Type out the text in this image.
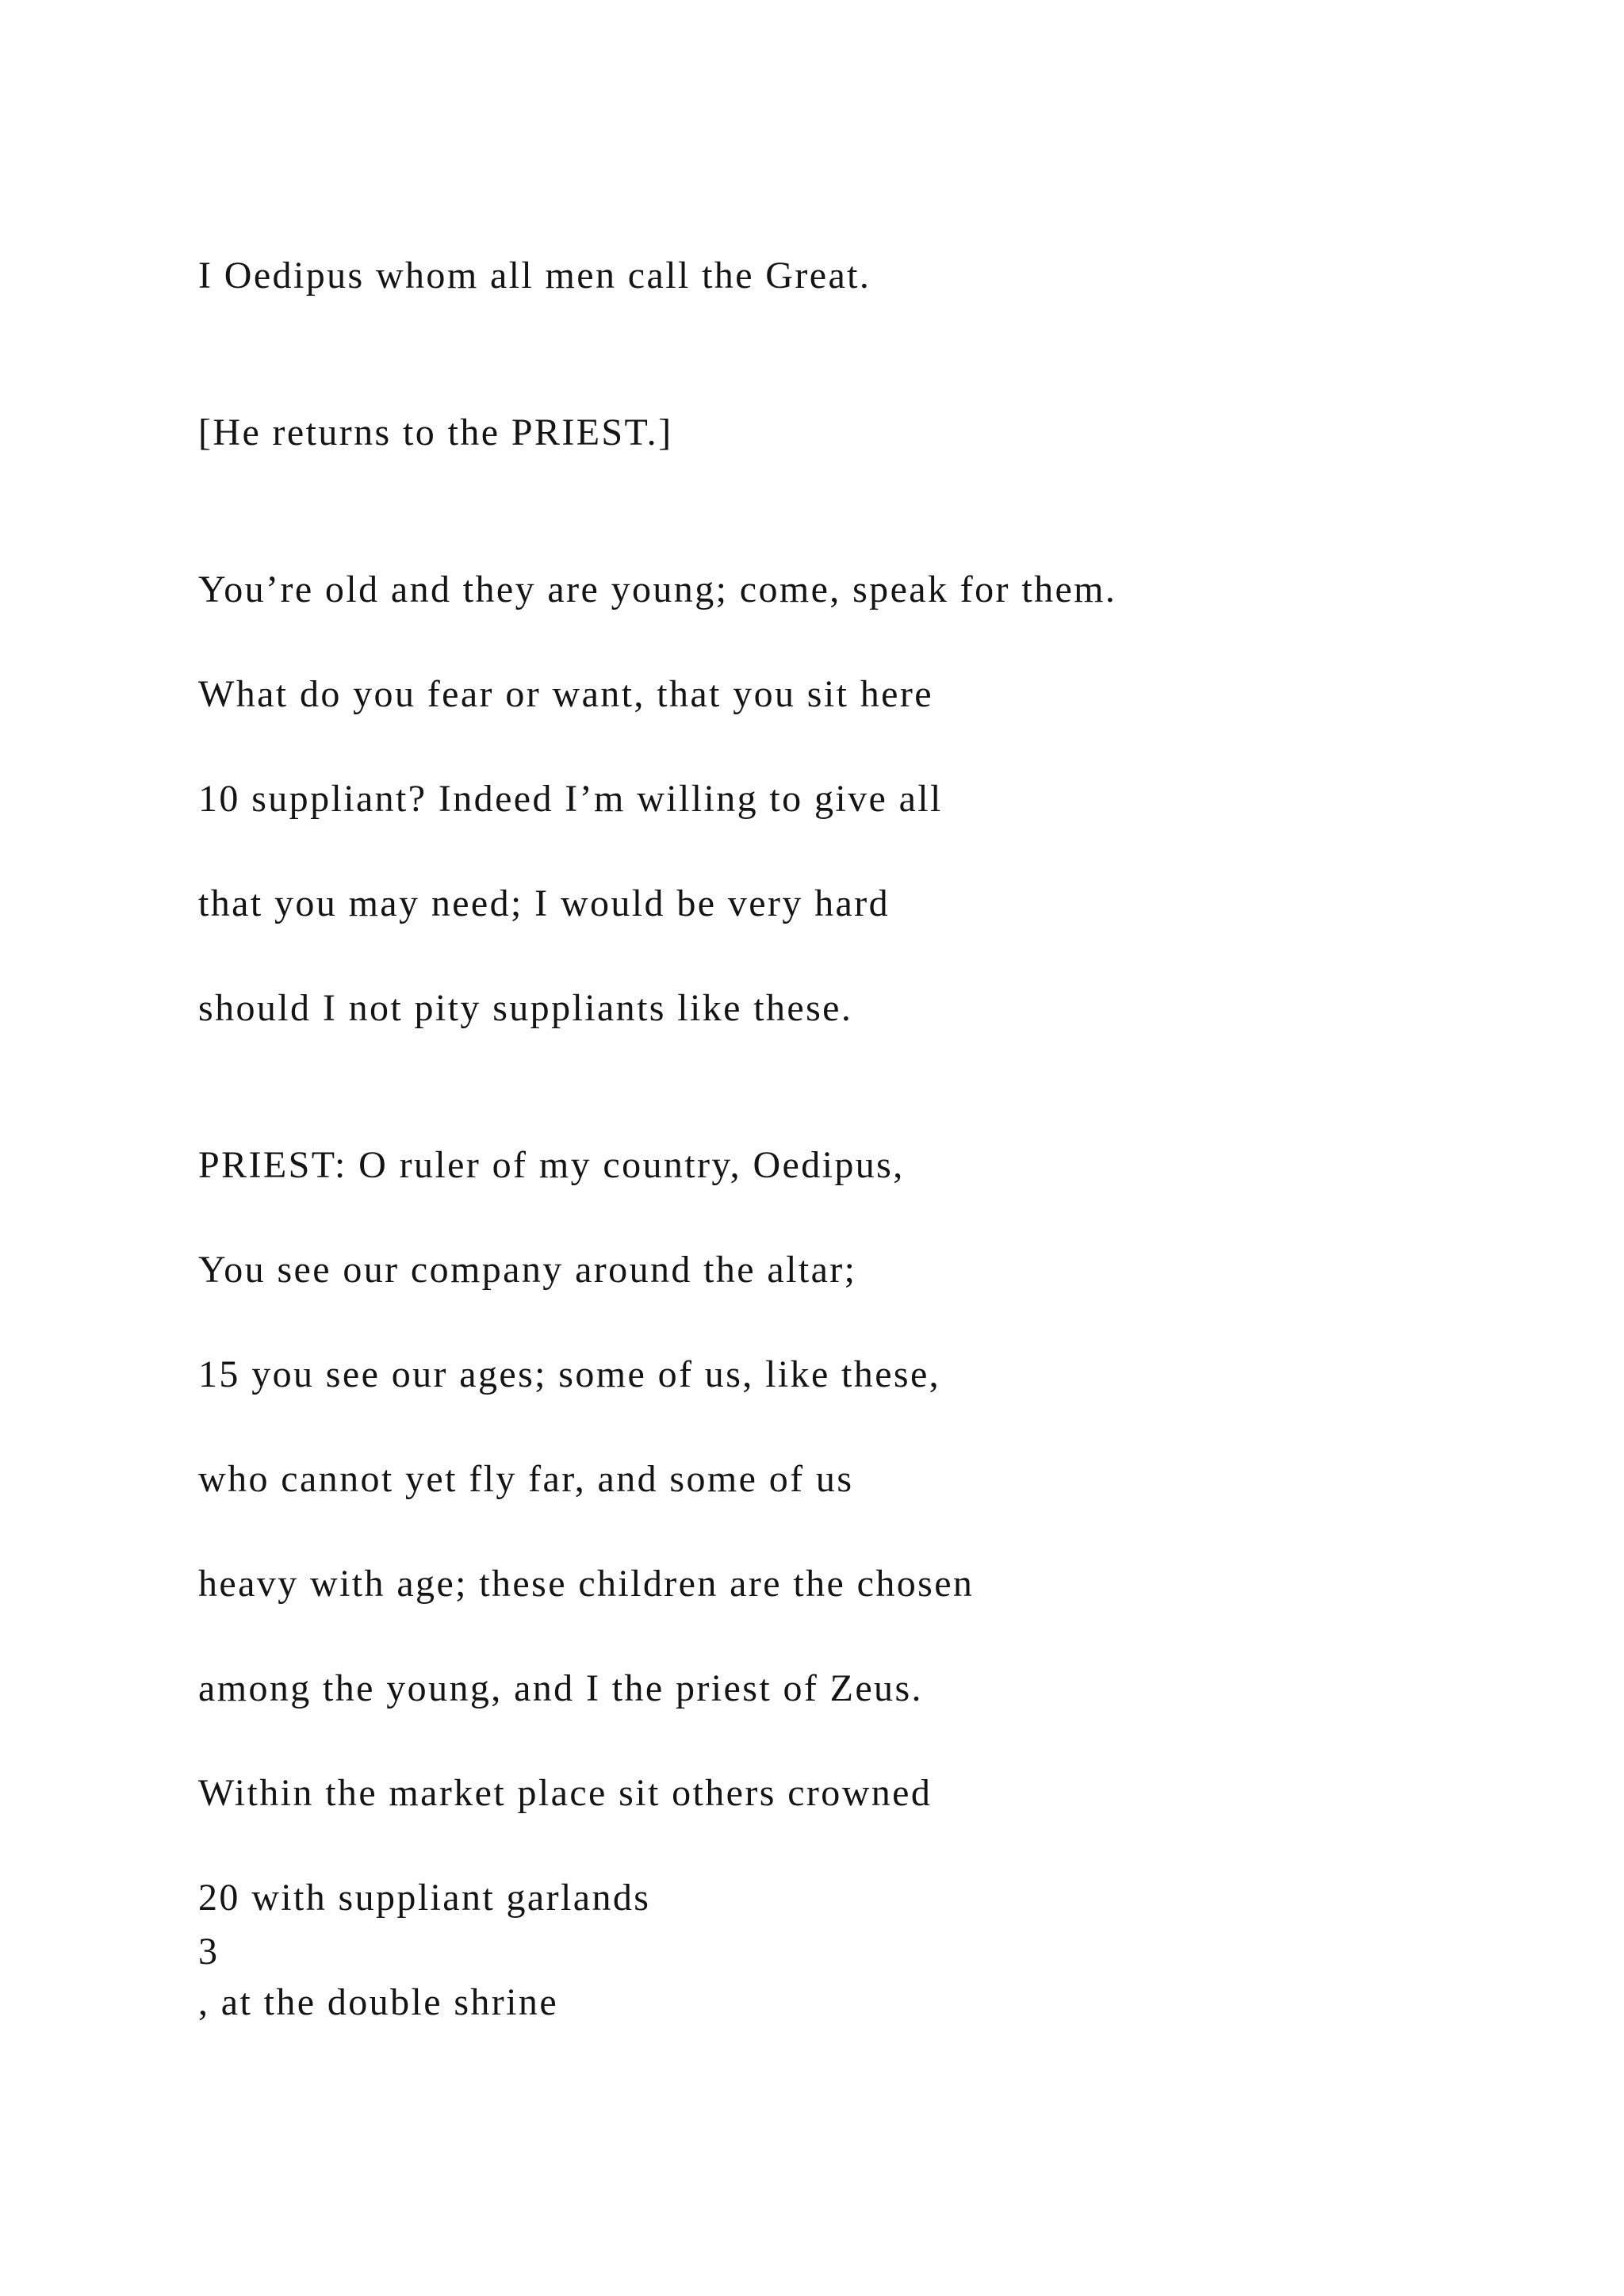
I Oedipus whom all men call the Great.

[He returns to the PRIEST.]

You’re old and they are young; come, speak for them.

What do you fear or want, that you sit here

10 suppliant? Indeed I’m willing to give all

that you may need; I would be very hard

should I not pity suppliants like these.

PRIEST: O ruler of my country, Oedipus,

You see our company around the altar;

15 you see our ages; some of us, like these,

who cannot yet fly far, and some of us

heavy with age; these children are the chosen

among the young, and I the priest of Zeus.

Within the market place sit others crowned

20 with suppliant garlands

3

, at the double shrine
